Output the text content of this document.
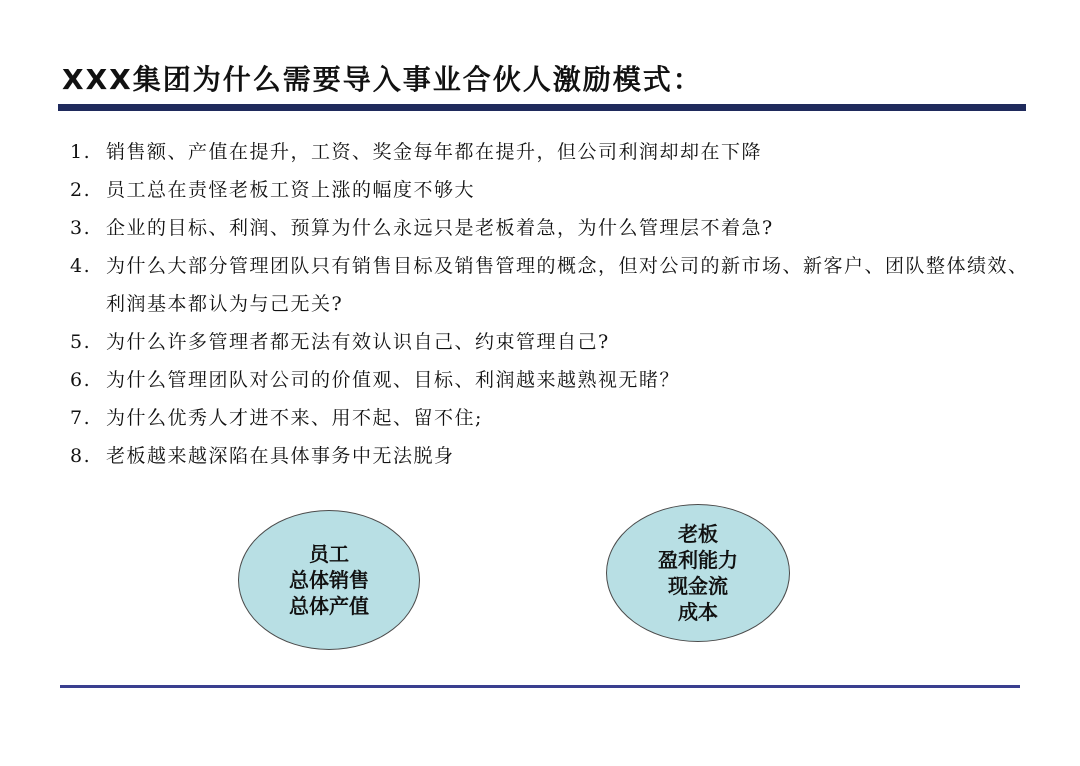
XXX集团为什么需要导入事业合伙人激励模式：
1. 销售额、产值在提升，工资、奖金每年都在提升，但公司利润却却在下降
2. 员工总在责怪老板工资上涨的幅度不够大
3. 企业的目标、利润、预算为什么永远只是老板着急，为什么管理层不着急?
4. 为什么大部分管理团队只有销售目标及销售管理的概念，但对公司的新市场、新客户、团队整体绩效、利润基本都认为与己无关?
5. 为什么许多管理者都无法有效认识自己、约束管理自己?
6. 为什么管理团队对公司的价值观、目标、利润越来越熟视无睹？
7. 为什么优秀人才进不来、用不起、留不住;
8. 老板越来越深陷在具体事务中无法脱身
员工
总体销售
总体产值
老板
盈利能力
现金流
成本
